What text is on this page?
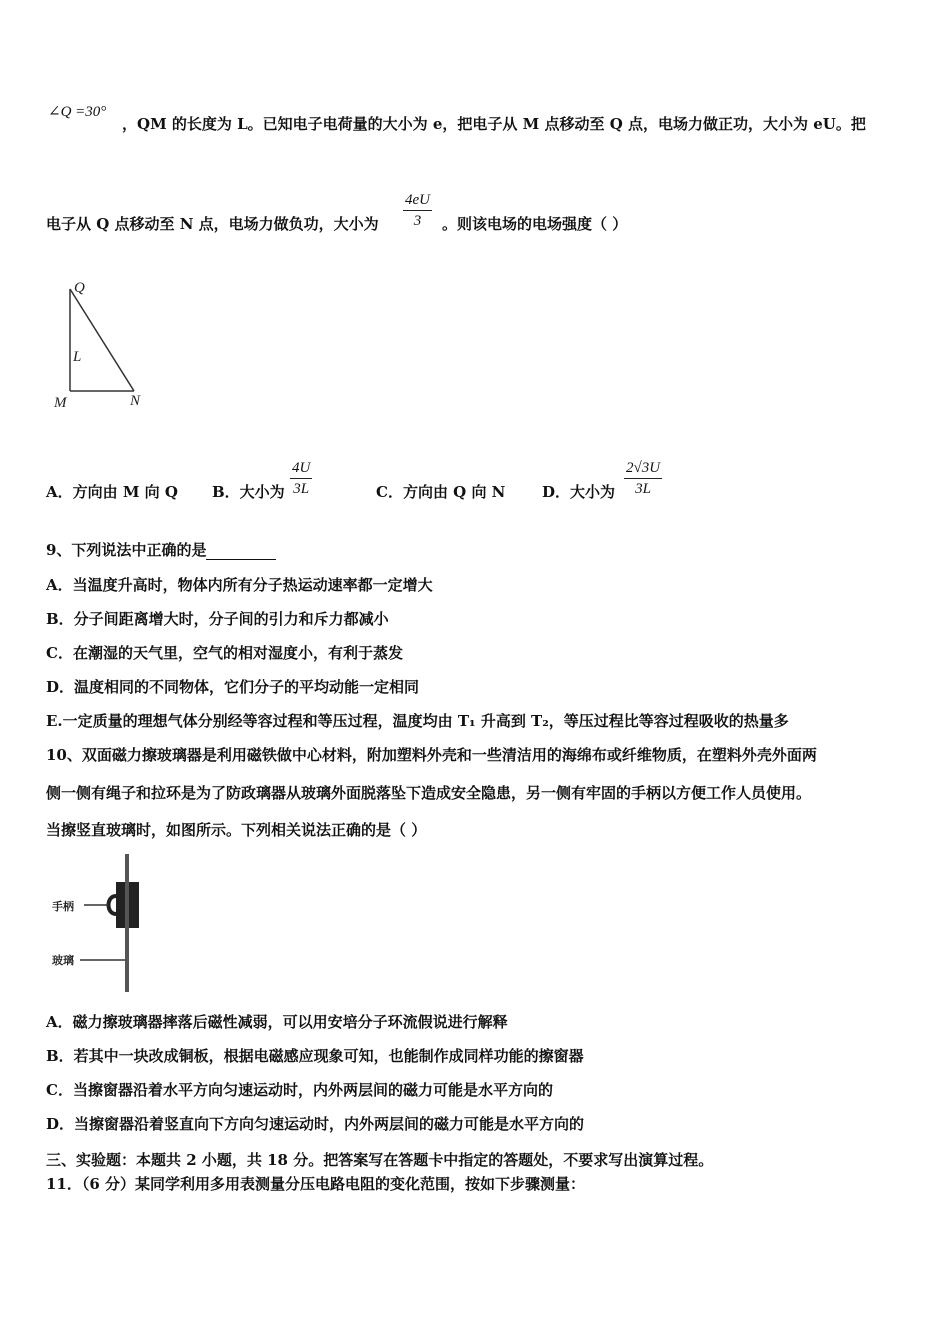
∠Q =30°
，QM 的长度为 L。已知电子电荷量的大小为 e，把电子从 M 点移动至 Q 点，电场力做正功，大小为 eU。把
电子从 Q 点移动至 N 点，电场力做负功，大小为 $\frac{4eU}{3}$ 。则该电场的电场强度（ ）
Q
L
M	N
A．方向由 M 向 Q B．大小为 $\frac{4U}{3L}$	C．方向由 Q 向 N D．大小为 $\frac{2√3U}{3L}$
9、下列说法中正确的是
A．当温度升高时，物体内所有分子热运动速率都一定增大
B．分子间距离增大时，分子间的引力和斥力都减小
C．在潮湿的天气里，空气的相对湿度小，有利于蒸发
D．温度相同的不同物体，它们分子的平均动能一定相同
E.一定质量的理想气体分别经等容过程和等压过程，温度均由 T₁ 升高到 T₂，等压过程比等容过程吸收的热量多
10、双面磁力擦玻璃器是利用磁铁做中心材料，附加塑料外壳和一些清洁用的海绵布或纤维物质，在塑料外壳外面两
侧一侧有绳子和拉环是为了防政璃器从玻璃外面脱落坠下造成安全隐患，另一侧有牢固的手柄以方便工作人员使用。
当擦竖直玻璃时，如图所示。下列相关说法正确的是（ ）
手柄
玻璃
A．磁力擦玻璃器摔落后磁性减弱，可以用安培分子环流假说进行解释
B．若其中一块改成铜板，根据电磁感应现象可知，也能制作成同样功能的擦窗器
C．当擦窗器沿着水平方向匀速运动时，内外两层间的磁力可能是水平方向的
D．当擦窗器沿着竖直向下方向匀速运动时，内外两层间的磁力可能是水平方向的
三、实验题：本题共 2 小题，共 18 分。把答案写在答题卡中指定的答题处，不要求写出演算过程。
11．（6 分）某同学利用多用表测量分压电路电阻的变化范围，按如下步骤测量：
